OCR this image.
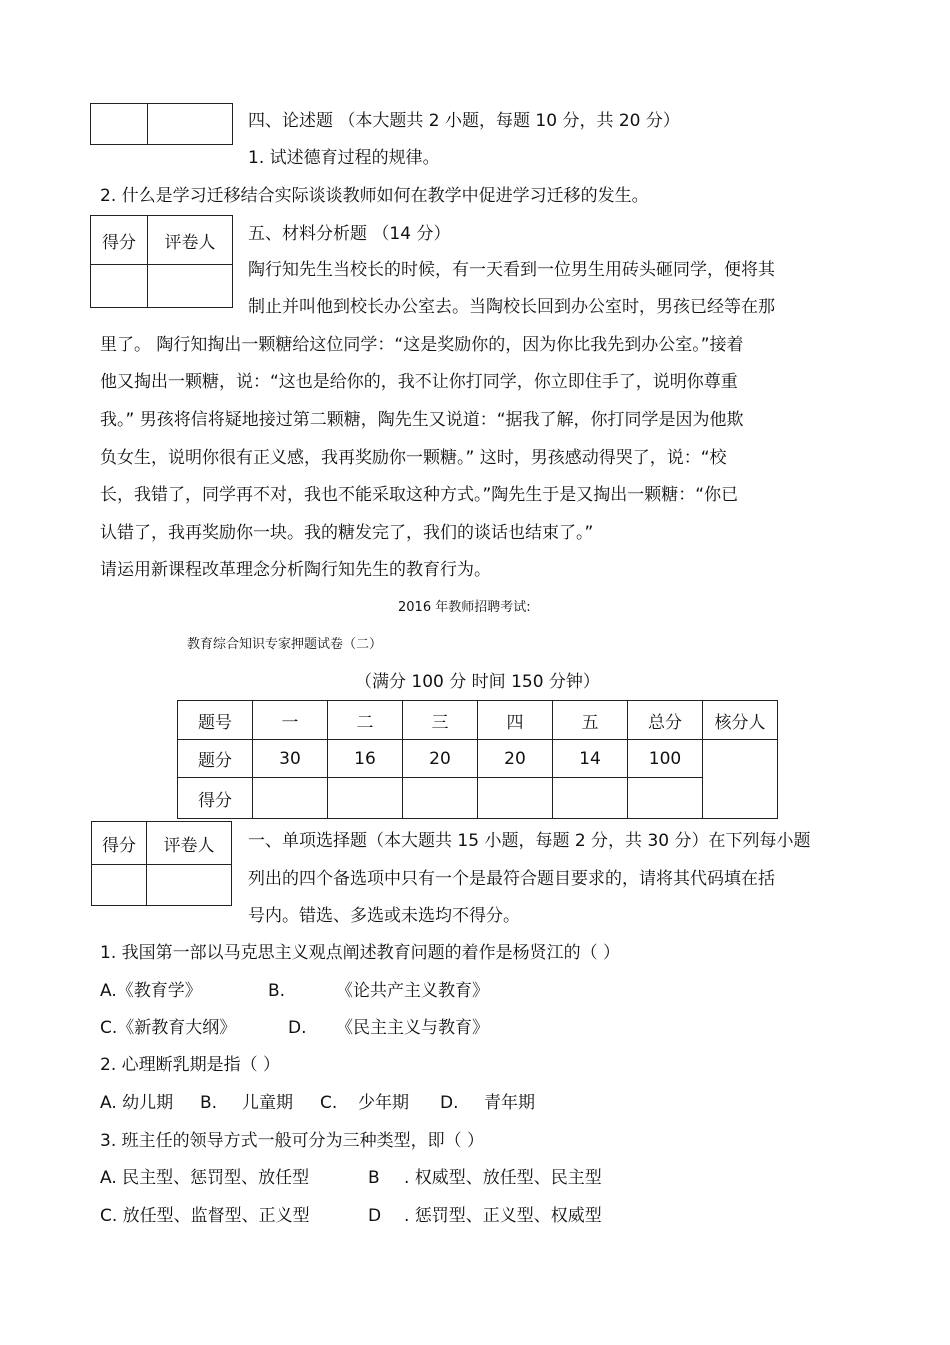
四、论述题 （本大题共 2 小题，每题 10 分，共 20 分）
1. 试述德育过程的规律。
2. 什么是学习迁移结合实际谈谈教师如何在教学中促进学习迁移的发生。
得分	评卷人
	五、材料分析题 （14 分）
陶行知先生当校长的时候，有一天看到一位男生用砖头砸同学，便将其
制止并叫他到校长办公室去。当陶校长回到办公室时，男孩已经等在那
里了。 陶行知掏出一颗糖给这位同学：“这是奖励你的，因为你比我先到办公室。”接着
他又掏出一颗糖，说：“这也是给你的，我不让你打同学，你立即住手了，说明你尊重
我。” 男孩将信将疑地接过第二颗糖，陶先生又说道：“据我了解，你打同学是因为他欺
负女生，说明你很有正义感，我再奖励你一颗糖。” 这时，男孩感动得哭了，说：“校
长，我错了，同学再不对，我也不能采取这种方式。”陶先生于是又掏出一颗糖：“你已
认错了，我再奖励你一块。我的糖发完了，我们的谈话也结束了。”
请运用新课程改革理念分析陶行知先生的教育行为。
2016 年教师招聘考试:
教育综合知识专家押题试卷（二）
（满分 100 分 时间 150 分钟）
题号	一	二	三	四	五	总分	核分人
题分	30	16	20	20	14	100	
得分							
得分	评卷人
	一、单项选择题（本大题共 15 小题，每题 2 分，共 30 分）在下列每小题
列出的四个备选项中只有一个是最符合题目要求的，请将其代码填在括
号内。错选、多选或未选均不得分。
1. 我国第一部以马克思主义观点阐述教育问题的着作是杨贤江的（ ）
A.《教育学》	B.	《论共产主义教育》
C.《新教育大纲》	D. 《民主主义与教育》
2. 心理断乳期是指（ ）
A. 幼儿期 B. 儿童期 C. 少年期 D. 青年期
3. 班主任的领导方式一般可分为三种类型，即（ ）
A. 民主型、惩罚型、放任型	B . 权威型、放任型、民主型
C. 放任型、监督型、正义型	D . 惩罚型、正义型、权威型
